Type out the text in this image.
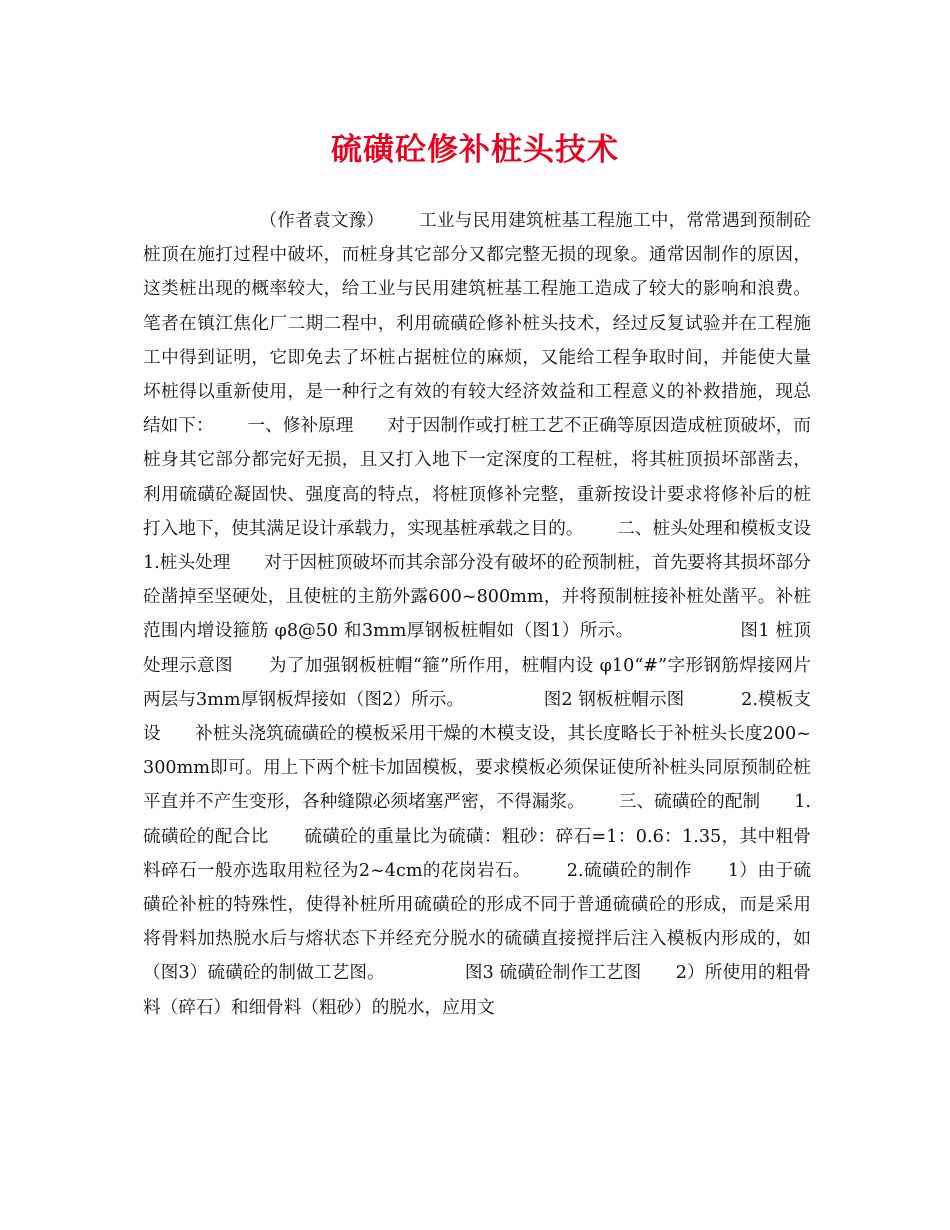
硫磺砼修补桩头技术

（作者袁文豫）      工业与民用建筑桩基工程施工中，常常遇到预制砼桩顶在施打过程中破坏，而桩身其它部分又都完整无损的现象。通常因制作的原因，这类桩出现的概率较大，给工业与民用建筑桩基工程施工造成了较大的影响和浪费。      笔者在镇江焦化厂二期二程中，利用硫磺砼修补桩头技术，经过反复试验并在工程施工中得到证明，它即免去了坏桩占据桩位的麻烦，又能给工程争取时间，并能使大量坏桩得以重新使用，是一种行之有效的有较大经济效益和工程意义的补救措施，现总结如下：      一、修补原理      对于因制作或打桩工艺不正确等原因造成桩顶破坏，而桩身其它部分都完好无损，且又打入地下一定深度的工程桩，将其桩顶损坏部凿去，利用硫磺砼凝固快、强度高的特点，将桩顶修补完整，重新按设计要求将修补后的桩打入地下，使其满足设计承载力，实现基桩承载之目的。      二、桩头处理和模板支设      1.桩头处理      对于因桩顶破坏而其余部分没有破坏的砼预制桩，首先要将其损坏部分砼凿掉至坚硬处，且使桩的主筋外露600~800mm，并将预制桩接补桩处凿平。补桩范围内增设箍筋 φ8@50 和3mm厚钢板桩帽如（图1）所示。                  图1 桩顶处理示意图      为了加强钢板桩帽“箍”所作用，桩帽内设 φ10“#”字形钢筋焊接网片两层与3mm厚钢板焊接如（图2）所示。              图2 钢板桩帽示图          2.模板支设      补桩头浇筑硫磺砼的模板采用干燥的木模支设，其长度略长于补桩头长度200~300mm即可。用上下两个桩卡加固模板，要求模板必须保证使所补桩头同原预制砼桩平直并不产生变形，各种缝隙必须堵塞严密，不得漏浆。      三、硫磺砼的配制      1.硫磺砼的配合比      硫磺砼的重量比为硫磺：粗砂：碎石=1：0.6：1.35，其中粗骨料碎石一般亦选取用粒径为2~4cm的花岗岩石。      2.硫磺砼的制作      1）由于硫磺砼补桩的特殊性，使得补桩所用硫磺砼的形成不同于普通硫磺砼的形成，而是采用将骨料加热脱水后与熔状态下并经充分脱水的硫磺直接搅拌后注入模板内形成的，如（图3）硫磺砼的制做工艺图。              图3 硫磺砼制作工艺图      2）所使用的粗骨料（碎石）和细骨料（粗砂）的脱水，应用文
